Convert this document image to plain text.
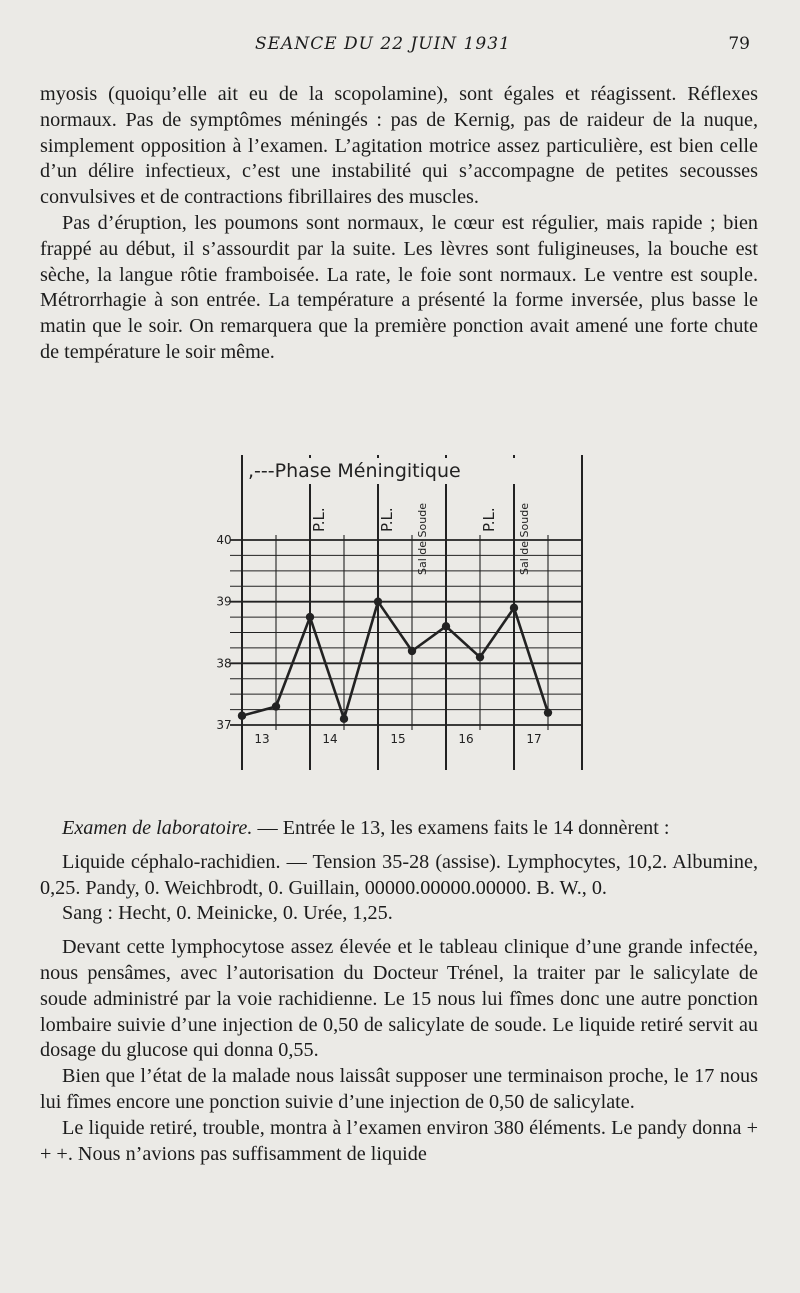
SEANCE DU 22 JUIN 1931	79

myosis (quoiqu’elle ait eu de la scopolamine), sont égales et réagissent. Réflexes normaux. Pas de symptômes méningés : pas de Kernig, pas de raideur de la nuque, simplement opposition à l’examen. L’agitation motrice assez particulière, est bien celle d’un délire infectieux, c’est une instabilité qui s’accompagne de petites secousses convulsives et de contractions fibrillaires des muscles.

Pas d’éruption, les poumons sont normaux, le cœur est régulier, mais rapide ; bien frappé au début, il s’assourdit par la suite. Les lèvres sont fuligineuses, la bouche est sèche, la langue rôtie framboisée. La rate, le foie sont normaux. Le ventre est souple. Métrorrhagie à son entrée. La température a présenté la forme inversée, plus basse le matin que le soir. On remarquera que la première ponction avait amené une forte chute de température le soir même.

37
38
39
40
13	14	15	16	17
,---Phase Méningitique
P.L.	P.L. Sal de Soude	P.L. Sal de Soude

Examen de laboratoire. — Entrée le 13, les examens faits le 14 donnèrent :

Liquide céphalo-rachidien. — Tension 35-28 (assise). Lymphocytes, 10,2. Albumine, 0,25. Pandy, 0. Weichbrodt, 0. Guillain, 00000.00000.00000. B. W., 0.

Sang : Hecht, 0. Meinicke, 0. Urée, 1,25.

Devant cette lymphocytose assez élevée et le tableau clinique d’une grande infectée, nous pensâmes, avec l’autorisation du Docteur Trénel, la traiter par le salicylate de soude administré par la voie rachidienne. Le 15 nous lui fîmes donc une autre ponction lombaire suivie d’une injection de 0,50 de salicylate de soude. Le liquide retiré servit au dosage du glucose qui donna 0,55.

Bien que l’état de la malade nous laissât supposer une terminaison proche, le 17 nous lui fîmes encore une ponction suivie d’une injection de 0,50 de salicylate.

Le liquide retiré, trouble, montra à l’examen environ 380 éléments. Le pandy donna + + +. Nous n’avions pas suffisamment de liquide
